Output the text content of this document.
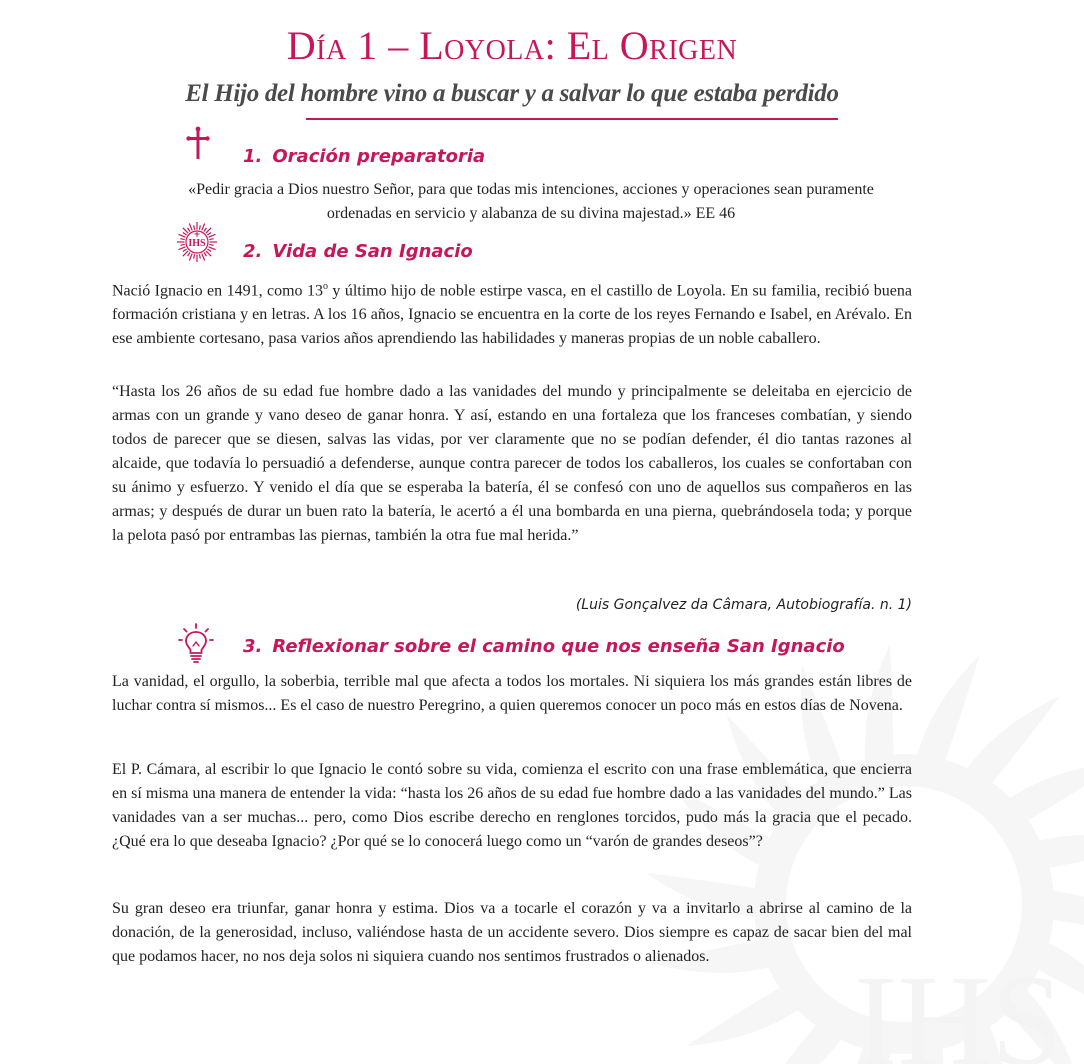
IHS
Día 1 – Loyola: El Origen
El Hijo del hombre vino a buscar y a salvar lo que estaba perdido
1. Oración preparatoria
«Pedir gracia a Dios nuestro Señor, para que todas mis intenciones, acciones y operaciones sean puramente ordenadas en servicio y alabanza de su divina majestad.» EE 46
IHS 2. Vida de San Ignacio
Nació Ignacio en 1491, como 13$^o$ y último hijo de noble estirpe vasca, en el castillo de Loyola. En su familia, recibió buena formación cristiana y en letras. A los 16 años, Ignacio se encuentra en la corte de los reyes Fernando e Isabel, en Arévalo. En ese ambiente cortesano, pasa varios años aprendiendo las habilidades y maneras propias de un noble caballero.
“Hasta los 26 años de su edad fue hombre dado a las vanidades del mundo y principalmente se deleitaba en ejercicio de armas con un grande y vano deseo de ganar honra. Y así, estando en una fortaleza que los franceses combatían, y siendo todos de parecer que se diesen, salvas las vidas, por ver claramente que no se podían defender, él dio tantas razones al alcaide, que todavía lo persuadió a defenderse, aunque contra parecer de todos los caballeros, los cuales se confortaban con su ánimo y esfuerzo. Y venido el día que se esperaba la batería, él se confesó con uno de aquellos sus compañeros en las armas; y después de durar un buen rato la batería, le acertó a él una bombarda en una pierna, quebrándosela toda; y porque la pelota pasó por entrambas las piernas, también la otra fue mal herida.”
(Luis Gonçalvez da Câmara, Autobiografía. n. 1)
3. Reflexionar sobre el camino que nos enseña San Ignacio
La vanidad, el orgullo, la soberbia, terrible mal que afecta a todos los mortales. Ni siquiera los más grandes están libres de luchar contra sí mismos... Es el caso de nuestro Peregrino, a quien queremos conocer un poco más en estos días de Novena.
El P. Cámara, al escribir lo que Ignacio le contó sobre su vida, comienza el escrito con una frase emblemática, que encierra en sí misma una manera de entender la vida: “hasta los 26 años de su edad fue hombre dado a las vanidades del mundo.” Las vanidades van a ser muchas... pero, como Dios escribe derecho en renglones torcidos, pudo más la gracia que el pecado. ¿Qué era lo que deseaba Ignacio? ¿Por qué se lo conocerá luego como un “varón de grandes deseos”?
Su gran deseo era triunfar, ganar honra y estima. Dios va a tocarle el corazón y va a invitarlo a abrirse al camino de la donación, de la generosidad, incluso, valiéndose hasta de un accidente severo. Dios siempre es capaz de sacar bien del mal que podamos hacer, no nos deja solos ni siquiera cuando nos sentimos frustrados o alienados.
